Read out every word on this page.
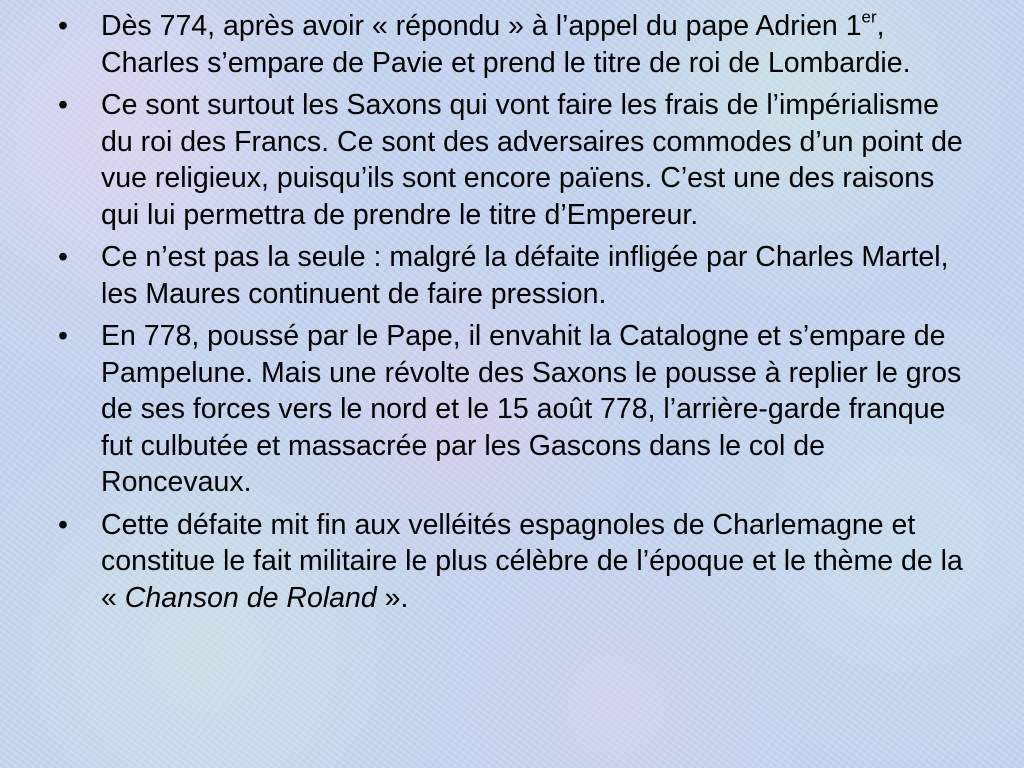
• Dès 774, après avoir « répondu » à l’appel du pape Adrien 1er, Charles s’empare de Pavie et prend le titre de roi de Lombardie.
• Ce sont surtout les Saxons qui vont faire les frais de l’impérialisme du roi des Francs. Ce sont des adversaires commodes d’un point de vue religieux, puisqu’ils sont encore païens. C’est une des raisons qui lui permettra de prendre le titre d’Empereur.
• Ce n’est pas la seule : malgré la défaite infligée par Charles Martel, les Maures continuent de faire pression.
• En 778, poussé par le Pape, il envahit la Catalogne et s’empare de Pampelune. Mais une révolte des Saxons le pousse à replier le gros de ses forces vers le nord et le 15 août 778, l’arrière-garde franque fut culbutée et massacrée par les Gascons dans le col de Roncevaux.
• Cette défaite mit fin aux velléités espagnoles de Charlemagne et constitue le fait militaire le plus célèbre de l’époque et le thème de la « Chanson de Roland ».
